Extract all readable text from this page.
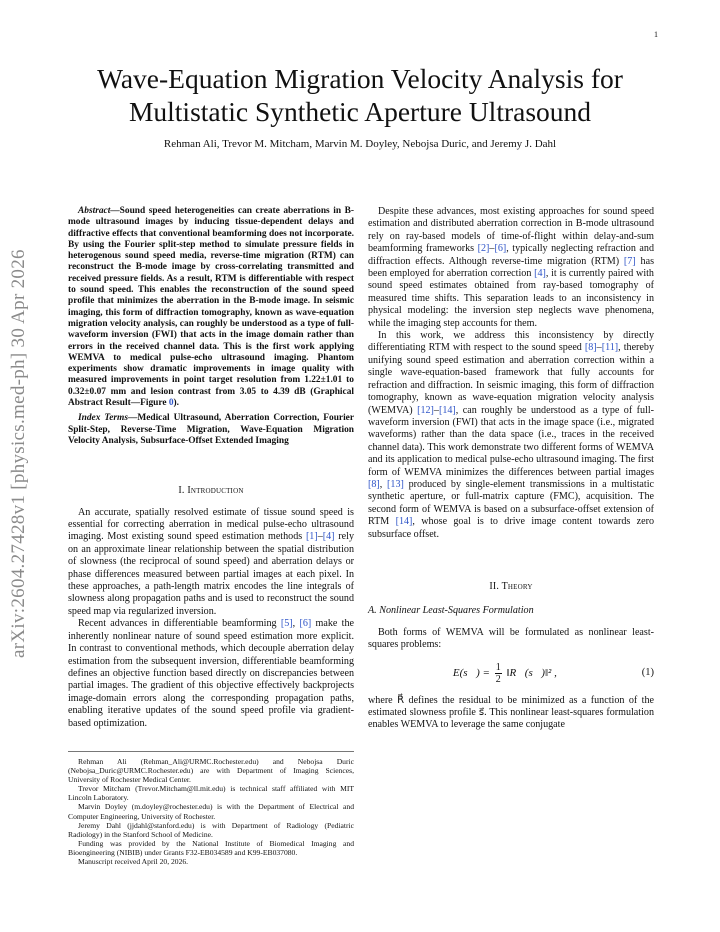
1
Wave-Equation Migration Velocity Analysis for Multistatic Synthetic Aperture Ultrasound
Rehman Ali, Trevor M. Mitcham, Marvin M. Doyley, Nebojsa Duric, and Jeremy J. Dahl
arXiv:2604.27428v1 [physics.med-ph] 30 Apr 2026

Abstract—Sound speed heterogeneities can create aberrations in B-mode ultrasound images by inducing tissue-dependent delays and diffractive effects that conventional beamforming does not incorporate. By using the Fourier split-step method to simulate pressure fields in heterogenous sound speed media, reverse-time migration (RTM) can reconstruct the B-mode image by cross-correlating transmitted and received pressure fields. As a result, RTM is differentiable with respect to sound speed. This enables the reconstruction of the sound speed profile that minimizes the aberration in the B-mode image. In seismic imaging, this form of diffraction tomography, known as wave-equation migration velocity analysis, can roughly be understood as a type of full-waveform inversion (FWI) that acts in the image domain rather than errors in the received channel data. This is the first work applying WEMVA to medical pulse-echo ultrasound imaging. Phantom experiments show dramatic improvements in image quality with measured improvements in point target resolution from 1.22±1.01 to 0.32±0.07 mm and lesion contrast from 3.05 to 4.39 dB (Graphical Abstract Result—Figure 0).

Index Terms—Medical Ultrasound, Aberration Correction, Fourier Split-Step, Reverse-Time Migration, Wave-Equation Migration Velocity Analysis, Subsurface-Offset Extended Imaging

I. Introduction

An accurate, spatially resolved estimate of tissue sound speed is essential for correcting aberration in medical pulse-echo ultrasound imaging. Most existing sound speed estimation methods [1]–[4] rely on an approximate linear relationship between the spatial distribution of slowness (the reciprocal of sound speed) and aberration delays or phase differences measured between partial images at each pixel. In these approaches, a path-length matrix encodes the line integrals of slowness along propagation paths and is used to reconstruct the sound speed map via regularized inversion.

Recent advances in differentiable beamforming [5], [6] make the inherently nonlinear nature of sound speed estimation more explicit. In contrast to conventional methods, which decouple aberration delay estimation from the subsequent inversion, differentiable beamforming defines an objective function based directly on discrepancies between partial images. The gradient of this objective effectively backprojects image-domain errors along the corresponding propagation paths, enabling iterative updates of the sound speed profile via gradient-based optimization.

Rehman Ali (Rehman_Ali@URMC.Rochester.edu) and Nebojsa Duric (Nebojsa_Duric@URMC.Rochester.edu) are with Department of Imaging Sciences, University of Rochester Medical Center.

Trevor Mitcham (Trevor.Mitcham@ll.mit.edu) is technical staff affiliated with MIT Lincoln Laboratory.

Marvin Doyley (m.doyley@rochester.edu) is with the Department of Electrical and Computer Engineering, University of Rochester.

Jeremy Dahl (jjdahl@stanford.edu) is with Department of Radiology (Pediatric Radiology) in the Stanford School of Medicine.

Funding was provided by the National Institute of Biomedical Imaging and Bioengineering (NIBIB) under Grants F32-EB034589 and K99-EB037080.

Manuscript received April 20, 2026.

Despite these advances, most existing approaches for sound speed estimation and distributed aberration correction in B-mode ultrasound rely on ray-based models of time-of-flight within delay-and-sum beamforming frameworks [2]–[6], typically neglecting refraction and diffraction effects. Although reverse-time migration (RTM) [7] has been employed for aberration correction [4], it is currently paired with sound speed estimates obtained from ray-based tomography of measured time shifts. This separation leads to an inconsistency in physical modeling: the inversion step neglects wave phenomena, while the imaging step accounts for them.

In this work, we address this inconsistency by directly differentiating RTM with respect to the sound speed [8]–[11], thereby unifying sound speed estimation and aberration correction within a single wave-equation-based framework that fully accounts for refraction and diffraction. In seismic imaging, this form of diffraction tomography, known as wave-equation migration velocity analysis (WEMVA) [12]–[14], can roughly be understood as a type of full-waveform inversion (FWI) that acts in the image space (i.e., migrated waveforms) rather than the data space (i.e., traces in the received channel data). This work demonstrate two different forms of WEMVA and its application to medical pulse-echo ultrasound imaging. The first form of WEMVA minimizes the differences between partial images [8], [13] produced by single-element transmissions in a multistatic synthetic aperture, or full-matrix capture (FMC), acquisition. The second form of WEMVA is based on a subsurface-offset extension of RTM [14], whose goal is to drive image content towards zero subsurface offset.

II. Theory
A. Nonlinear Least-Squares Formulation

Both forms of WEMVA will be formulated as nonlinear least-squares problems:

E(s⃗) = $\frac{1}{2}$ ‖R⃗(s⃗)‖² ,	(1)

where R⃗ defines the residual to be minimized as a function of the estimated slowness profile s⃗. This nonlinear least-squares formulation enables WEMVA to leverage the same conjugate
